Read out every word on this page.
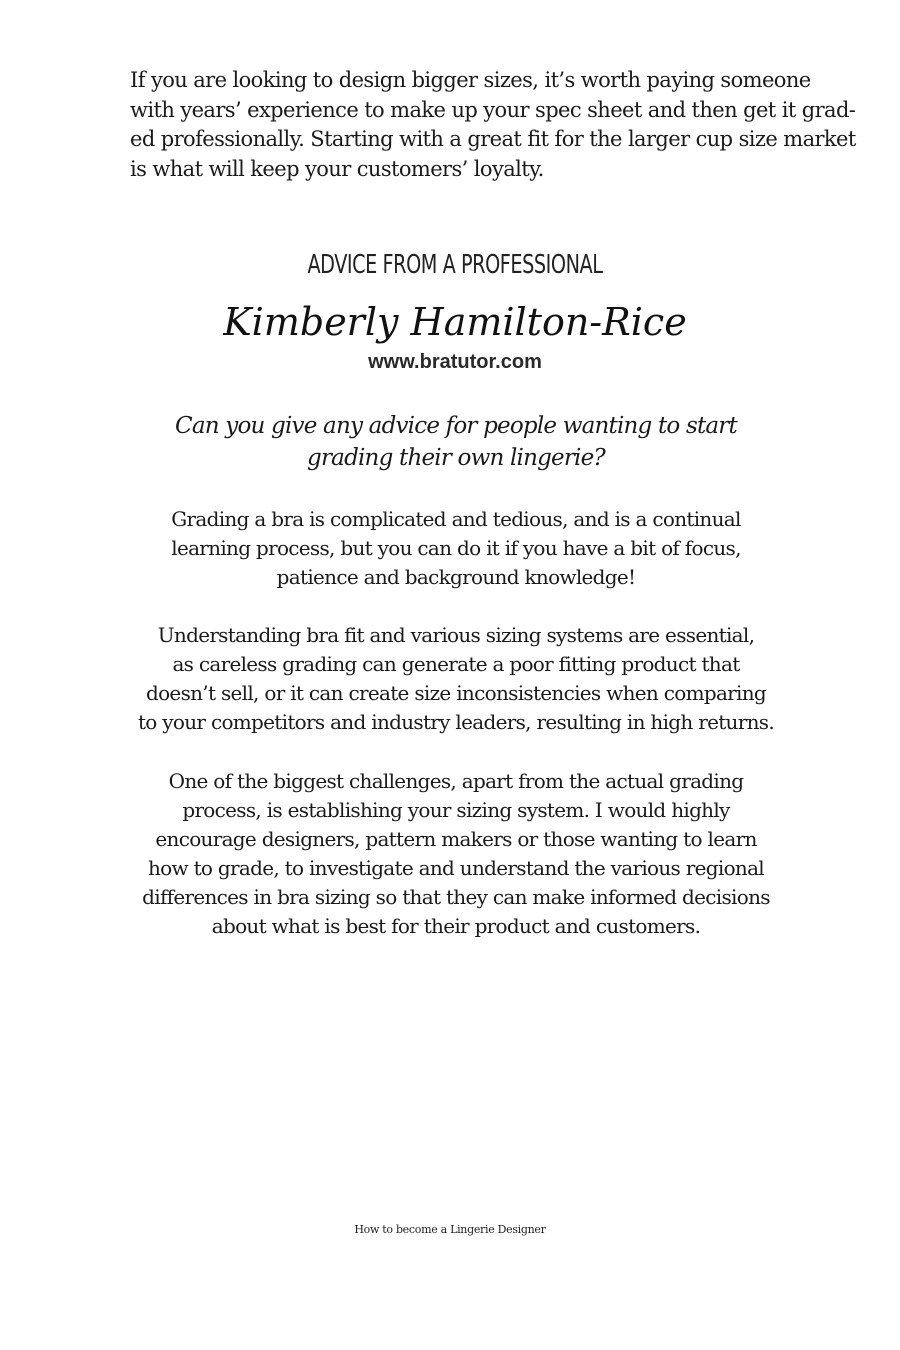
If you are looking to design bigger sizes, it’s worth paying someone
with years’ experience to make up your spec sheet and then get it grad-
ed professionally. Starting with a great fit for the larger cup size market
is what will keep your customers’ loyalty.

ADVICE FROM A PROFESSIONAL
Kimberly Hamilton-Rice
www.bratutor.com

Can you give any advice for people wanting to start
grading their own lingerie?

Grading a bra is complicated and tedious, and is a continual
learning process, but you can do it if you have a bit of focus,
patience and background knowledge!

Understanding bra fit and various sizing systems are essential,
as careless grading can generate a poor fitting product that
doesn’t sell, or it can create size inconsistencies when comparing
to your competitors and industry leaders, resulting in high returns.

One of the biggest challenges, apart from the actual grading
process, is establishing your sizing system. I would highly
encourage designers, pattern makers or those wanting to learn
how to grade, to investigate and understand the various regional
differences in bra sizing so that they can make informed decisions
about what is best for their product and customers.

How to become a Lingerie Designer
